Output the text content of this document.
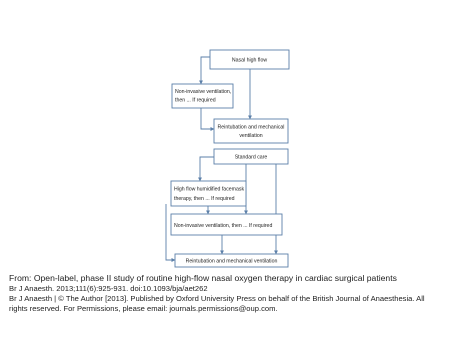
Nasal high flow
Non-invasive ventilation,
then ... If required
Reintubation and mechanical
ventilation
Standard care
High flow humidified facemask
therapy, then ... If required
Non-invasive ventilation, then ... If required
Reintubation and mechanical ventilation
From: Open-label, phase II study of routine high-flow nasal oxygen therapy in cardiac surgical patients
Br J Anaesth. 2013;111(6):925-931. doi:10.1093/bja/aet262
Br J Anaesth | © The Author [2013]. Published by Oxford University Press on behalf of the British Journal of Anaesthesia. All rights reserved. For Permissions, please email: journals.permissions@oup.com.
